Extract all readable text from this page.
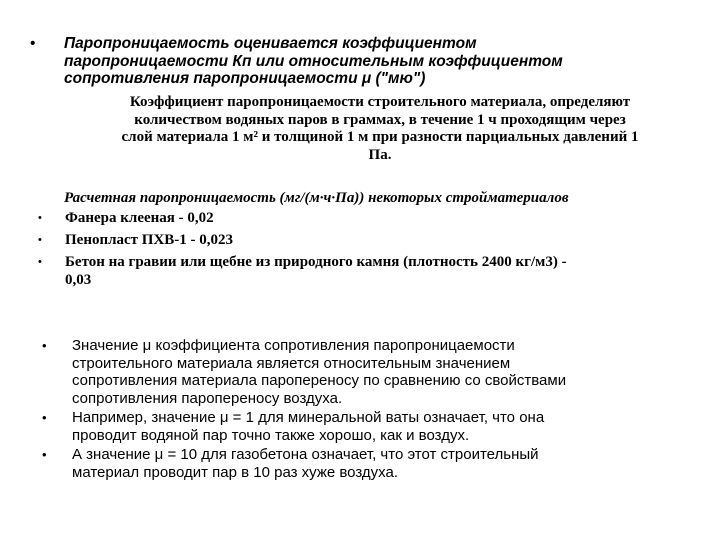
•	Паропроницаемость оценивается коэффициентом
паропроницаемости Кп или относительным коэффициентом
сопротивления паропроницаемости μ ("мю")
Коэффициент паропроницаемости строительного материала, определяют
количеством водяных паров в граммах, в течение 1 ч проходящим через
слой материала 1 м² и толщиной 1 м при разности парциальных давлений 1
Па.
Расчетная паропроницаемость (мг/(м·ч·Па)) некоторых стройматериалов
•	Фанера клееная - 0,02
•	Пенопласт ПХВ-1 - 0,023
•	Бетон на гравии или щебне из природного камня (плотность 2400 кг/м3) -
0,03
•	Значение μ коэффициента сопротивления паропроницаемости
строительного материала является относительным значением
сопротивления материала паропереносу по сравнению со свойствами
сопротивления паропереносу воздуха.
•	Например, значение μ = 1 для минеральной ваты означает, что она
проводит водяной пар точно также хорошо, как и воздух.
•	А значение μ = 10 для газобетона означает, что этот строительный
материал проводит пар в 10 раз хуже воздуха.
